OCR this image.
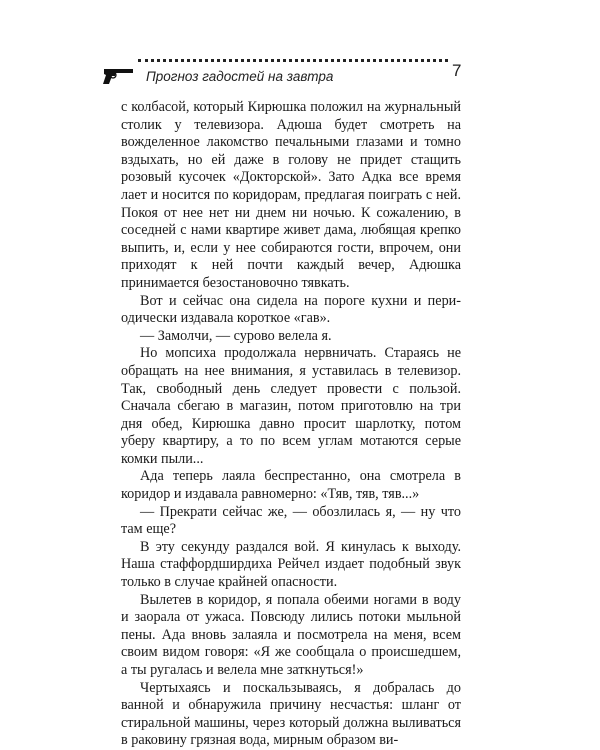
Прогноз гадостей на завтра	7

с колбасой, который Кирюшка положил на журнальный столик у телевизора. Адюша будет смотреть на вожделенное лакомство печальными глазами и томно вздыхать, но ей даже в голову не придет стащить розовый кусочек «Докторской». Зато Адка все время лает и носится по коридорам, предлагая поиграть с ней. Покоя от нее нет ни днем ни ночью. К сожалению, в соседней с нами квартире живет дама, любящая крепко выпить, и, если у нее собираются гости, впрочем, они приходят к ней почти каждый вечер, Адюшка принимается безостановочно тявкать.

Вот и сейчас она сидела на пороге кухни и периодически издавала короткое «гав».

— Замолчи, — сурово велела я.

Но мопсиха продолжала нервничать. Стараясь не обращать на нее внимания, я уставилась в телевизор. Так, свободный день следует провести с пользой. Сначала сбегаю в магазин, потом приготовлю на три дня обед, Кирюшка давно просит шарлотку, потом уберу квартиру, а то по всем углам мотаются серые комки пыли...

Ада теперь лаяла беспрестанно, она смотрела в коридор и издавала равномерно: «Тяв, тяв, тяв...»

— Прекрати сейчас же, — обозлилась я, — ну что там еще?

В эту секунду раздался вой. Я кинулась к выходу. Наша стаффордширдиха Рейчел издает подобный звук только в случае крайней опасности.

Вылетев в коридор, я попала обеими ногами в воду и заорала от ужаса. Повсюду лились потоки мыльной пены. Ада вновь залаяла и посмотрела на меня, всем своим видом говоря: «Я же сообщала о происшедшем, а ты ругалась и велела мне заткнуться!»

Чертыхаясь и поскальзываясь, я добралась до ванной и обнаружила причину несчастья: шланг от стиральной машины, через который должна выливаться в раковину грязная вода, мирным образом ви-
